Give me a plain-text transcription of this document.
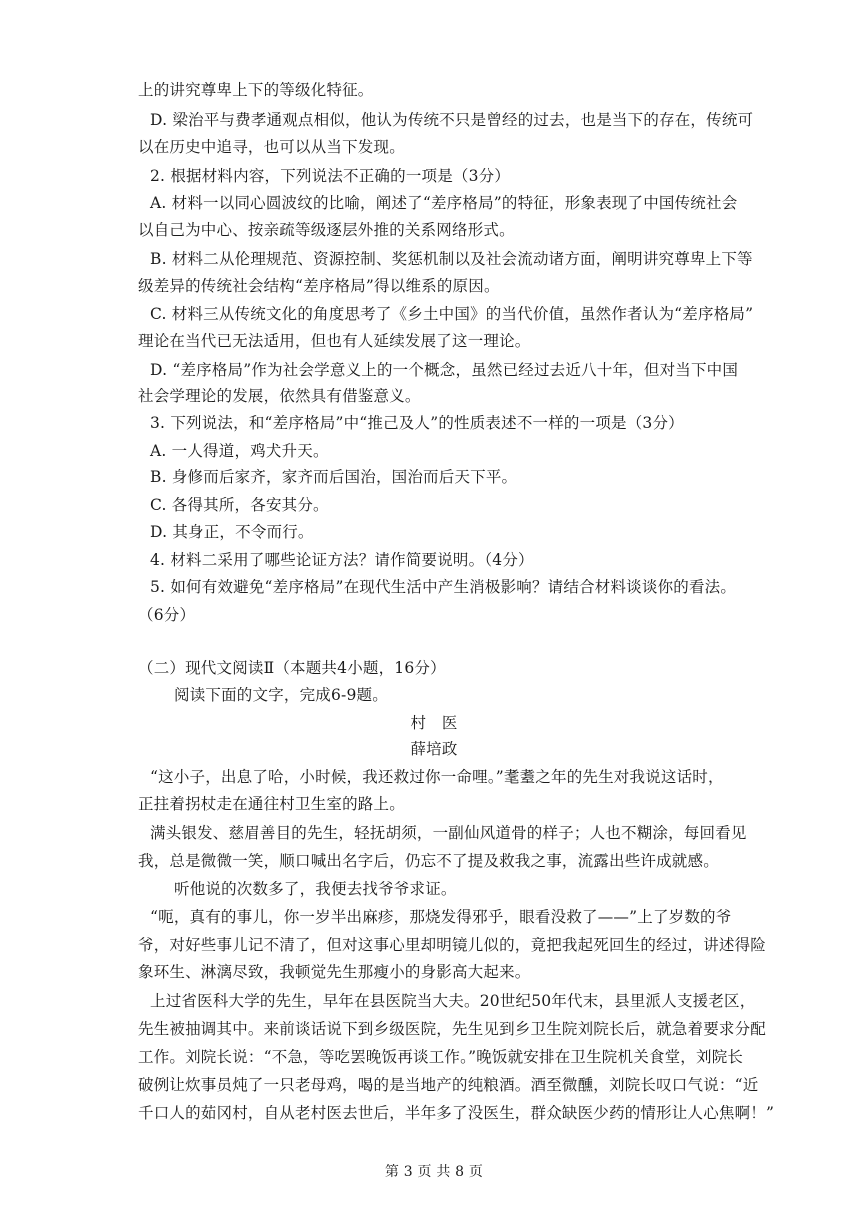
上的讲究尊卑上下的等级化特征。
D. 梁治平与费孝通观点相似，他认为传统不只是曾经的过去，也是当下的存在，传统可
以在历史中追寻，也可以从当下发现。
2. 根据材料内容，下列说法不正确的一项是（3分）
A. 材料一以同心圆波纹的比喻，阐述了“差序格局”的特征，形象表现了中国传统社会
以自己为中心、按亲疏等级逐层外推的关系网络形式。
B. 材料二从伦理规范、资源控制、奖惩机制以及社会流动诸方面，阐明讲究尊卑上下等
级差异的传统社会结构“差序格局”得以维系的原因。
C. 材料三从传统文化的角度思考了《乡土中国》的当代价值，虽然作者认为“差序格局”
理论在当代已无法适用，但也有人延续发展了这一理论。
D. “差序格局”作为社会学意义上的一个概念，虽然已经过去近八十年，但对当下中国
社会学理论的发展，依然具有借鉴意义。
3. 下列说法，和“差序格局”中“推己及人”的性质表述不一样的一项是（3分）
A. 一人得道，鸡犬升天。
B. 身修而后家齐，家齐而后国治，国治而后天下平。
C. 各得其所，各安其分。
D. 其身正，不令而行。
4. 材料二采用了哪些论证方法？请作简要说明。（4分）
5. 如何有效避免“差序格局”在现代生活中产生消极影响？请结合材料谈谈你的看法。
（6分）
（二）现代文阅读Ⅱ（本题共4小题，16分）
阅读下面的文字，完成6-9题。
村　医
薛培政
“这小子，出息了哈，小时候，我还救过你一命哩。”耄耋之年的先生对我说这话时，
正拄着拐杖走在通往村卫生室的路上。
满头银发、慈眉善目的先生，轻抚胡须，一副仙风道骨的样子；人也不糊涂，每回看见
我，总是微微一笑，顺口喊出名字后，仍忘不了提及救我之事，流露出些许成就感。
听他说的次数多了，我便去找爷爷求证。
“呃，真有的事儿，你一岁半出麻疹，那烧发得邪乎，眼看没救了——”上了岁数的爷
爷，对好些事儿记不清了，但对这事心里却明镜儿似的，竟把我起死回生的经过，讲述得险
象环生、淋漓尽致，我顿觉先生那瘦小的身影高大起来。
上过省医科大学的先生，早年在县医院当大夫。20世纪50年代末，县里派人支援老区，
先生被抽调其中。来前谈话说下到乡级医院，先生见到乡卫生院刘院长后，就急着要求分配
工作。刘院长说：“不急，等吃罢晚饭再谈工作。”晚饭就安排在卫生院机关食堂，刘院长
破例让炊事员炖了一只老母鸡，喝的是当地产的纯粮酒。酒至微醺，刘院长叹口气说：“近
千口人的茹冈村，自从老村医去世后，半年多了没医生，群众缺医少药的情形让人心焦啊！”
第 3 页 共 8 页
